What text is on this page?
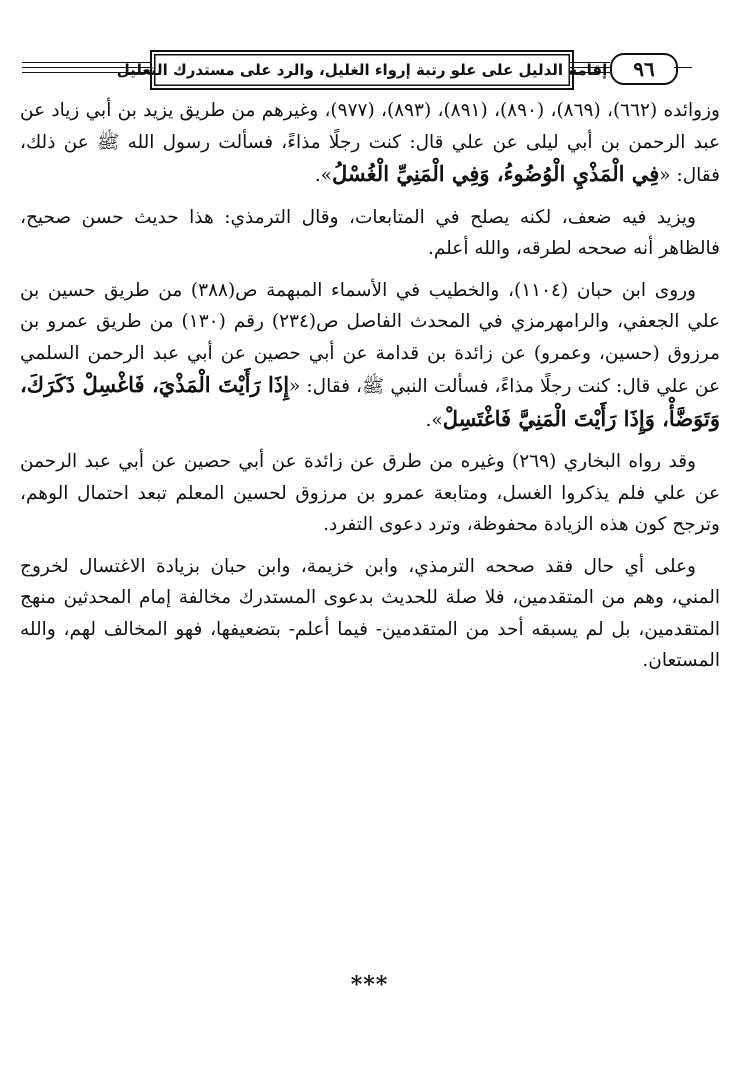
إقامة الدليل على علو رتبة إرواء الغليل، والرد على مستدرك التعليل ٩٦

وزوائده (٦٦٢)، (٨٦٩)، (٨٩٠)، (٨٩١)، (٨٩٣)، (٩٧٧)، وغيرهم من طريق يزيد بن أبي زياد عن عبد الرحمن بن أبي ليلى عن علي قال: كنت رجلًا مذاءً، فسألت رسول الله ﷺ عن ذلك، فقال: «فِي الْمَذْيِ الْوُضُوءُ، وَفِي الْمَنِيِّ الْغُسْلُ».

ويزيد فيه ضعف، لكنه يصلح في المتابعات، وقال الترمذي: هذا حديث حسن صحيح، فالظاهر أنه صححه لطرقه، والله أعلم.

وروى ابن حبان (١١٠٤)، والخطيب في الأسماء المبهمة ص(٣٨٨) من طريق حسين بن علي الجعفي، والرامهرمزي في المحدث الفاصل ص(٢٣٤) رقم (١٣٠) من طريق عمرو بن مرزوق (حسين، وعمرو) عن زائدة بن قدامة عن أبي حصين عن أبي عبد الرحمن السلمي عن علي قال: كنت رجلًا مذاءً، فسألت النبي ﷺ، فقال: «إِذَا رَأَيْتَ الْمَذْيَ، فَاغْسِلْ ذَكَرَكَ، وَتَوَضَّأْ، وَإِذَا رَأَيْتَ الْمَنِيَّ فَاغْتَسِلْ».

وقد رواه البخاري (٢٦٩) وغيره من طرق عن زائدة عن أبي حصين عن أبي عبد الرحمن عن علي فلم يذكروا الغسل، ومتابعة عمرو بن مرزوق لحسين المعلم تبعد احتمال الوهم، وترجح كون هذه الزيادة محفوظة، وترد دعوى التفرد.

وعلى أي حال فقد صححه الترمذي، وابن خزيمة، وابن حبان بزيادة الاغتسال لخروج المني، وهم من المتقدمين، فلا صلة للحديث بدعوى المستدرك مخالفة إمام المحدثين منهج المتقدمين، بل لم يسبقه أحد من المتقدمين- فيما أعلم- بتضعيفها، فهو المخالف لهم، والله المستعان.

***
